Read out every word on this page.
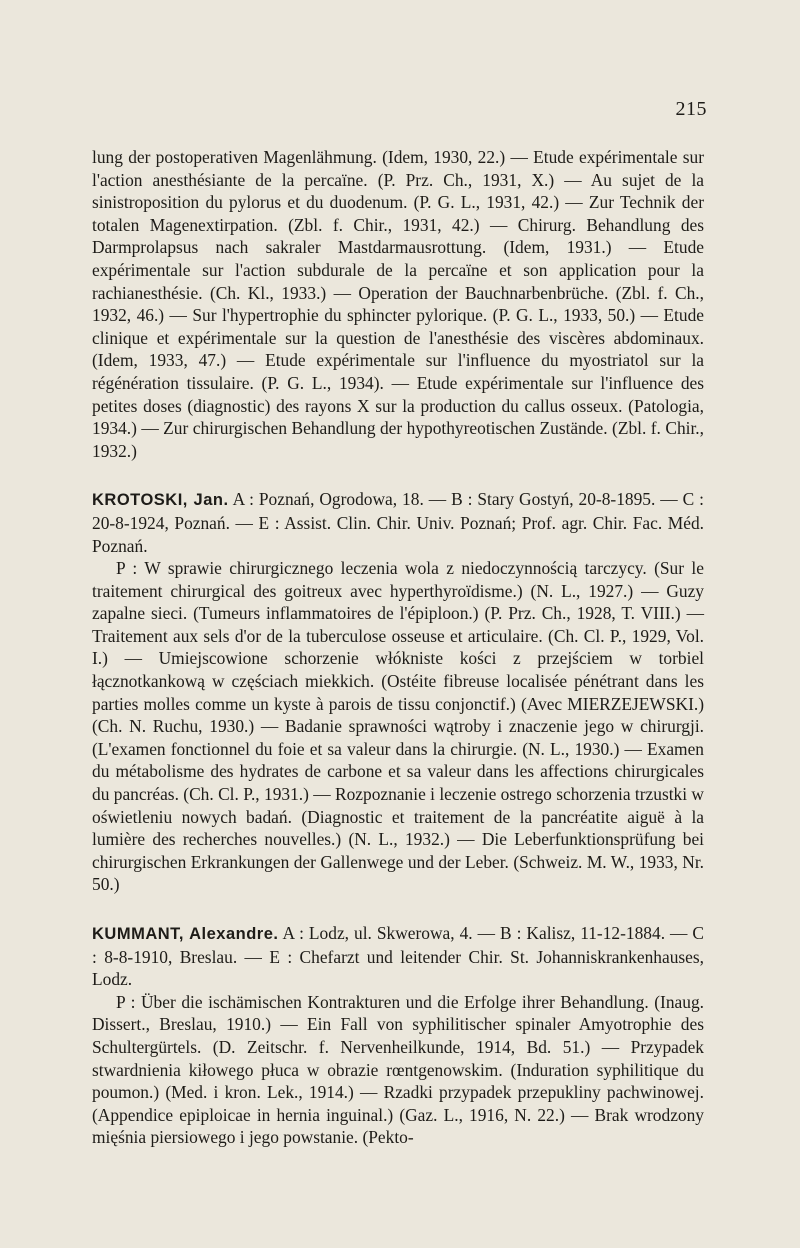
215

lung der postoperativen Magenlähmung. (Idem, 1930, 22.) — Etude expérimentale sur l'action anesthésiante de la percaïne. (P. Prz. Ch., 1931, X.) — Au sujet de la sinistroposition du pylorus et du duodenum. (P. G. L., 1931, 42.) — Zur Technik der totalen Magenextirpation. (Zbl. f. Chir., 1931, 42.) — Chirurg. Behandlung des Darmprolapsus nach sakraler Mastdarmausrottung. (Idem, 1931.) — Etude expérimentale sur l'action subdurale de la percaïne et son application pour la rachianesthésie. (Ch. Kl., 1933.) — Operation der Bauchnarbenbrüche. (Zbl. f. Ch., 1932, 46.) — Sur l'hypertrophie du sphincter pylorique. (P. G. L., 1933, 50.) — Etude clinique et expérimentale sur la question de l'anesthésie des viscères abdominaux. (Idem, 1933, 47.) — Etude expérimentale sur l'influence du myostriatol sur la régénération tissulaire. (P. G. L., 1934). — Etude expérimentale sur l'influence des petites doses (diagnostic) des rayons X sur la production du callus osseux. (Patologia, 1934.) — Zur chirurgischen Behandlung der hypothyreotischen Zustände. (Zbl. f. Chir., 1932.)

KROTOSKI, Jan. A : Poznań, Ogrodowa, 18. — B : Stary Gostyń, 20-8-1895. — C : 20-8-1924, Poznań. — E : Assist. Clin. Chir. Univ. Poznań; Prof. agr. Chir. Fac. Méd. Poznań.

P : W sprawie chirurgicznego leczenia wola z niedoczynnością tarczycy. (Sur le traitement chirurgical des goitreux avec hyperthyroïdisme.) (N. L., 1927.) — Guzy zapalne sieci. (Tumeurs inflammatoires de l'épiploon.) (P. Prz. Ch., 1928, T. VIII.) — Traitement aux sels d'or de la tuberculose osseuse et articulaire. (Ch. Cl. P., 1929, Vol. I.) — Umiejscowione schorzenie włókniste kości z przejściem w torbiel łącznotkankową w częściach miekkich. (Ostéite fibreuse localisée pénétrant dans les parties molles comme un kyste à parois de tissu conjonctif.) (Avec MIERZEJEWSKI.) (Ch. N. Ruchu, 1930.) — Badanie sprawności wątroby i znaczenie jego w chirurgji. (L'examen fonctionnel du foie et sa valeur dans la chirurgie. (N. L., 1930.) — Examen du métabolisme des hydrates de carbone et sa valeur dans les affections chirurgicales du pancréas. (Ch. Cl. P., 1931.) — Rozpoznanie i leczenie ostrego schorzenia trzustki w oświetleniu nowych badań. (Diagnostic et traitement de la pancréatite aiguë à la lumière des recherches nouvelles.) (N. L., 1932.) — Die Leberfunktionsprüfung bei chirurgischen Erkrankungen der Gallenwege und der Leber. (Schweiz. M. W., 1933, Nr. 50.)

KUMMANT, Alexandre. A : Lodz, ul. Skwerowa, 4. — B : Kalisz, 11-12-1884. — C : 8-8-1910, Breslau. — E : Chefarzt und leitender Chir. St. Johanniskrankenhauses, Lodz.

P : Über die ischämischen Kontrakturen und die Erfolge ihrer Behandlung. (Inaug. Dissert., Breslau, 1910.) — Ein Fall von syphilitischer spinaler Amyotrophie des Schultergürtels. (D. Zeitschr. f. Nervenheilkunde, 1914, Bd. 51.) — Przypadek stwardnienia kiłowego płuca w obrazie rœntgenowskim. (Induration syphilitique du poumon.) (Med. i kron. Lek., 1914.) — Rzadki przypadek przepukliny pachwinowej. (Appendice epiploicae in hernia inguinal.) (Gaz. L., 1916, N. 22.) — Brak wrodzony mięśnia piersiowego i jego powstanie. (Pekto-
